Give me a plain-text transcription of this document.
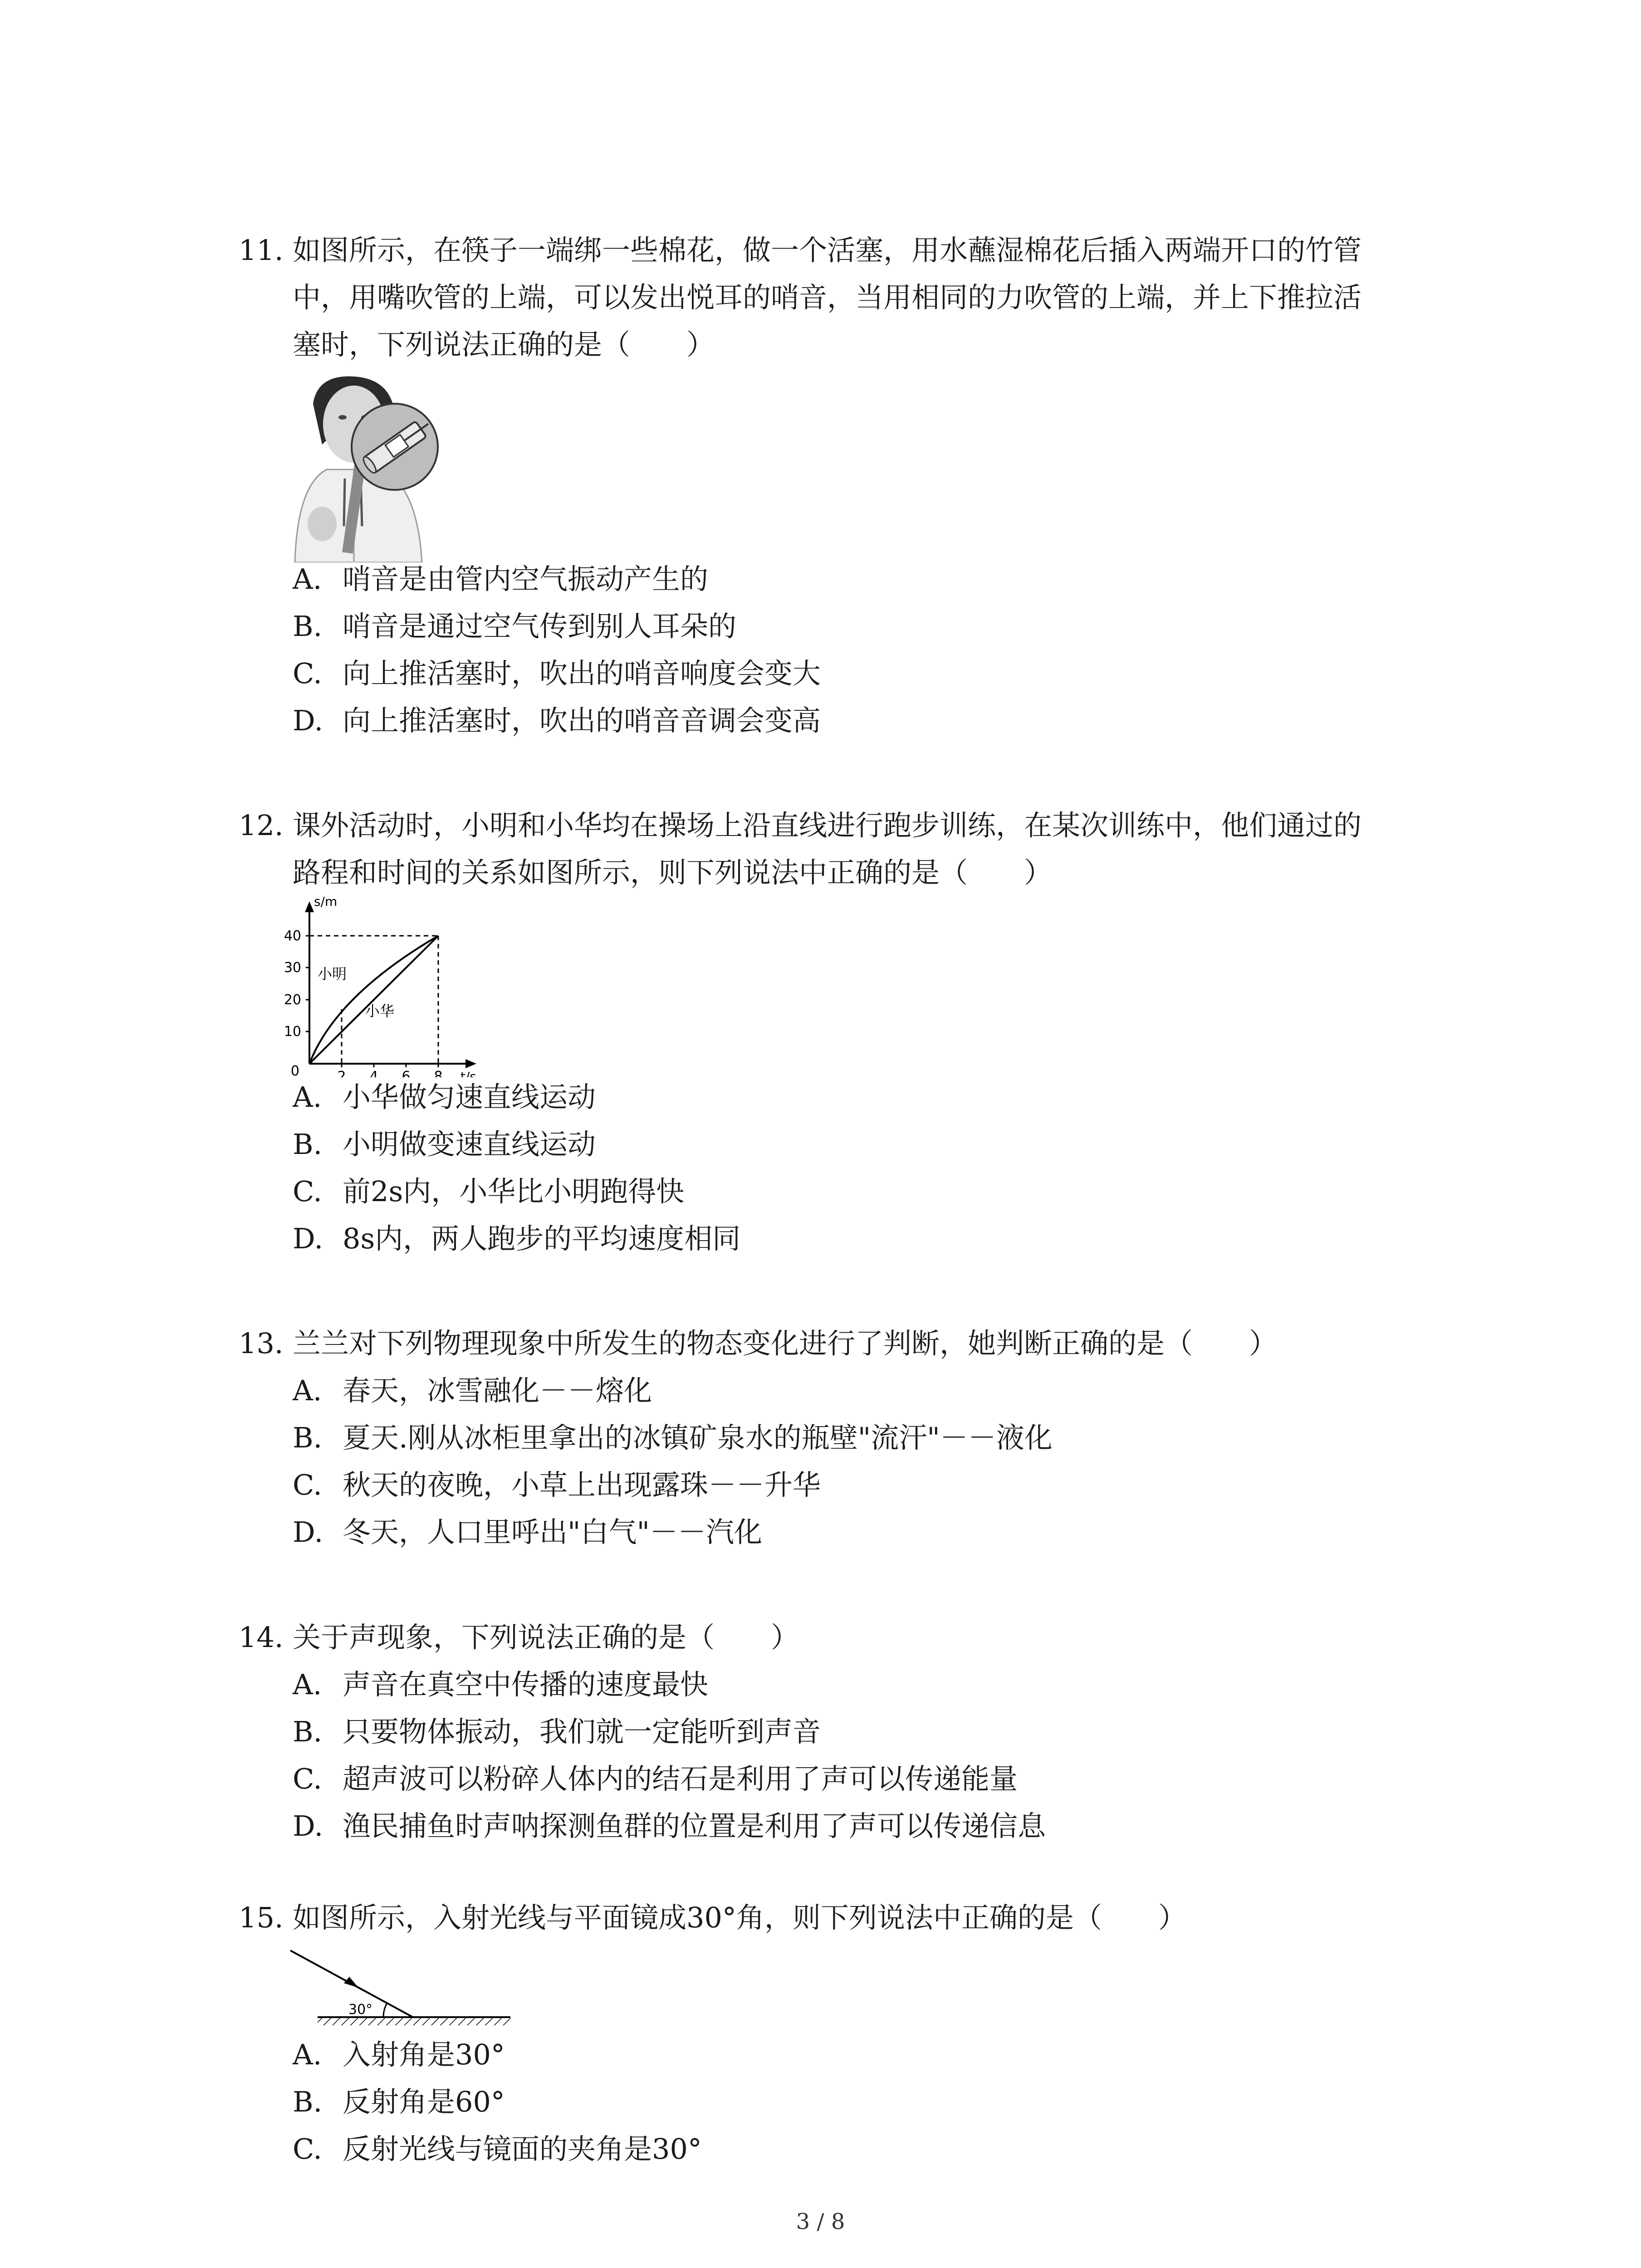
11. 如图所示，在筷子一端绑一些棉花，做一个活塞，用水蘸湿棉花后插入两端开口的竹管
中，用嘴吹管的上端，可以发出悦耳的哨音，当用相同的力吹管的上端，并上下推拉活
塞时，下列说法正确的是（　　）
A. 哨音是由管内空气振动产生的
B. 哨音是通过空气传到别人耳朵的
C. 向上推活塞时，吹出的哨音响度会变大
D. 向上推活塞时，吹出的哨音音调会变高
12. 课外活动时，小明和小华均在操场上沿直线进行跑步训练，在某次训练中，他们通过的
路程和时间的关系如图所示，则下列说法中正确的是（　　）
s/m
t/s
40
30
20
10
0	2 4 6 8
小明
小华
A. 小华做匀速直线运动
B. 小明做变速直线运动
C. 前2s内，小华比小明跑得快
D. 8s内，两人跑步的平均速度相同
13. 兰兰对下列物理现象中所发生的物态变化进行了判断，她判断正确的是（　　）
A. 春天，冰雪融化－－熔化
B. 夏天.刚从冰柜里拿出的冰镇矿泉水的瓶壁"流汗"－－液化
C. 秋天的夜晚，小草上出现露珠－－升华
D. 冬天，人口里呼出"白气"－－汽化
14. 关于声现象，下列说法正确的是（　　）
A. 声音在真空中传播的速度最快
B. 只要物体振动，我们就一定能听到声音
C. 超声波可以粉碎人体内的结石是利用了声可以传递能量
D. 渔民捕鱼时声呐探测鱼群的位置是利用了声可以传递信息
15. 如图所示，入射光线与平面镜成30°角，则下列说法中正确的是（　　）
30°
A. 入射角是30°
B. 反射角是60°
C. 反射光线与镜面的夹角是30°
3 / 8
